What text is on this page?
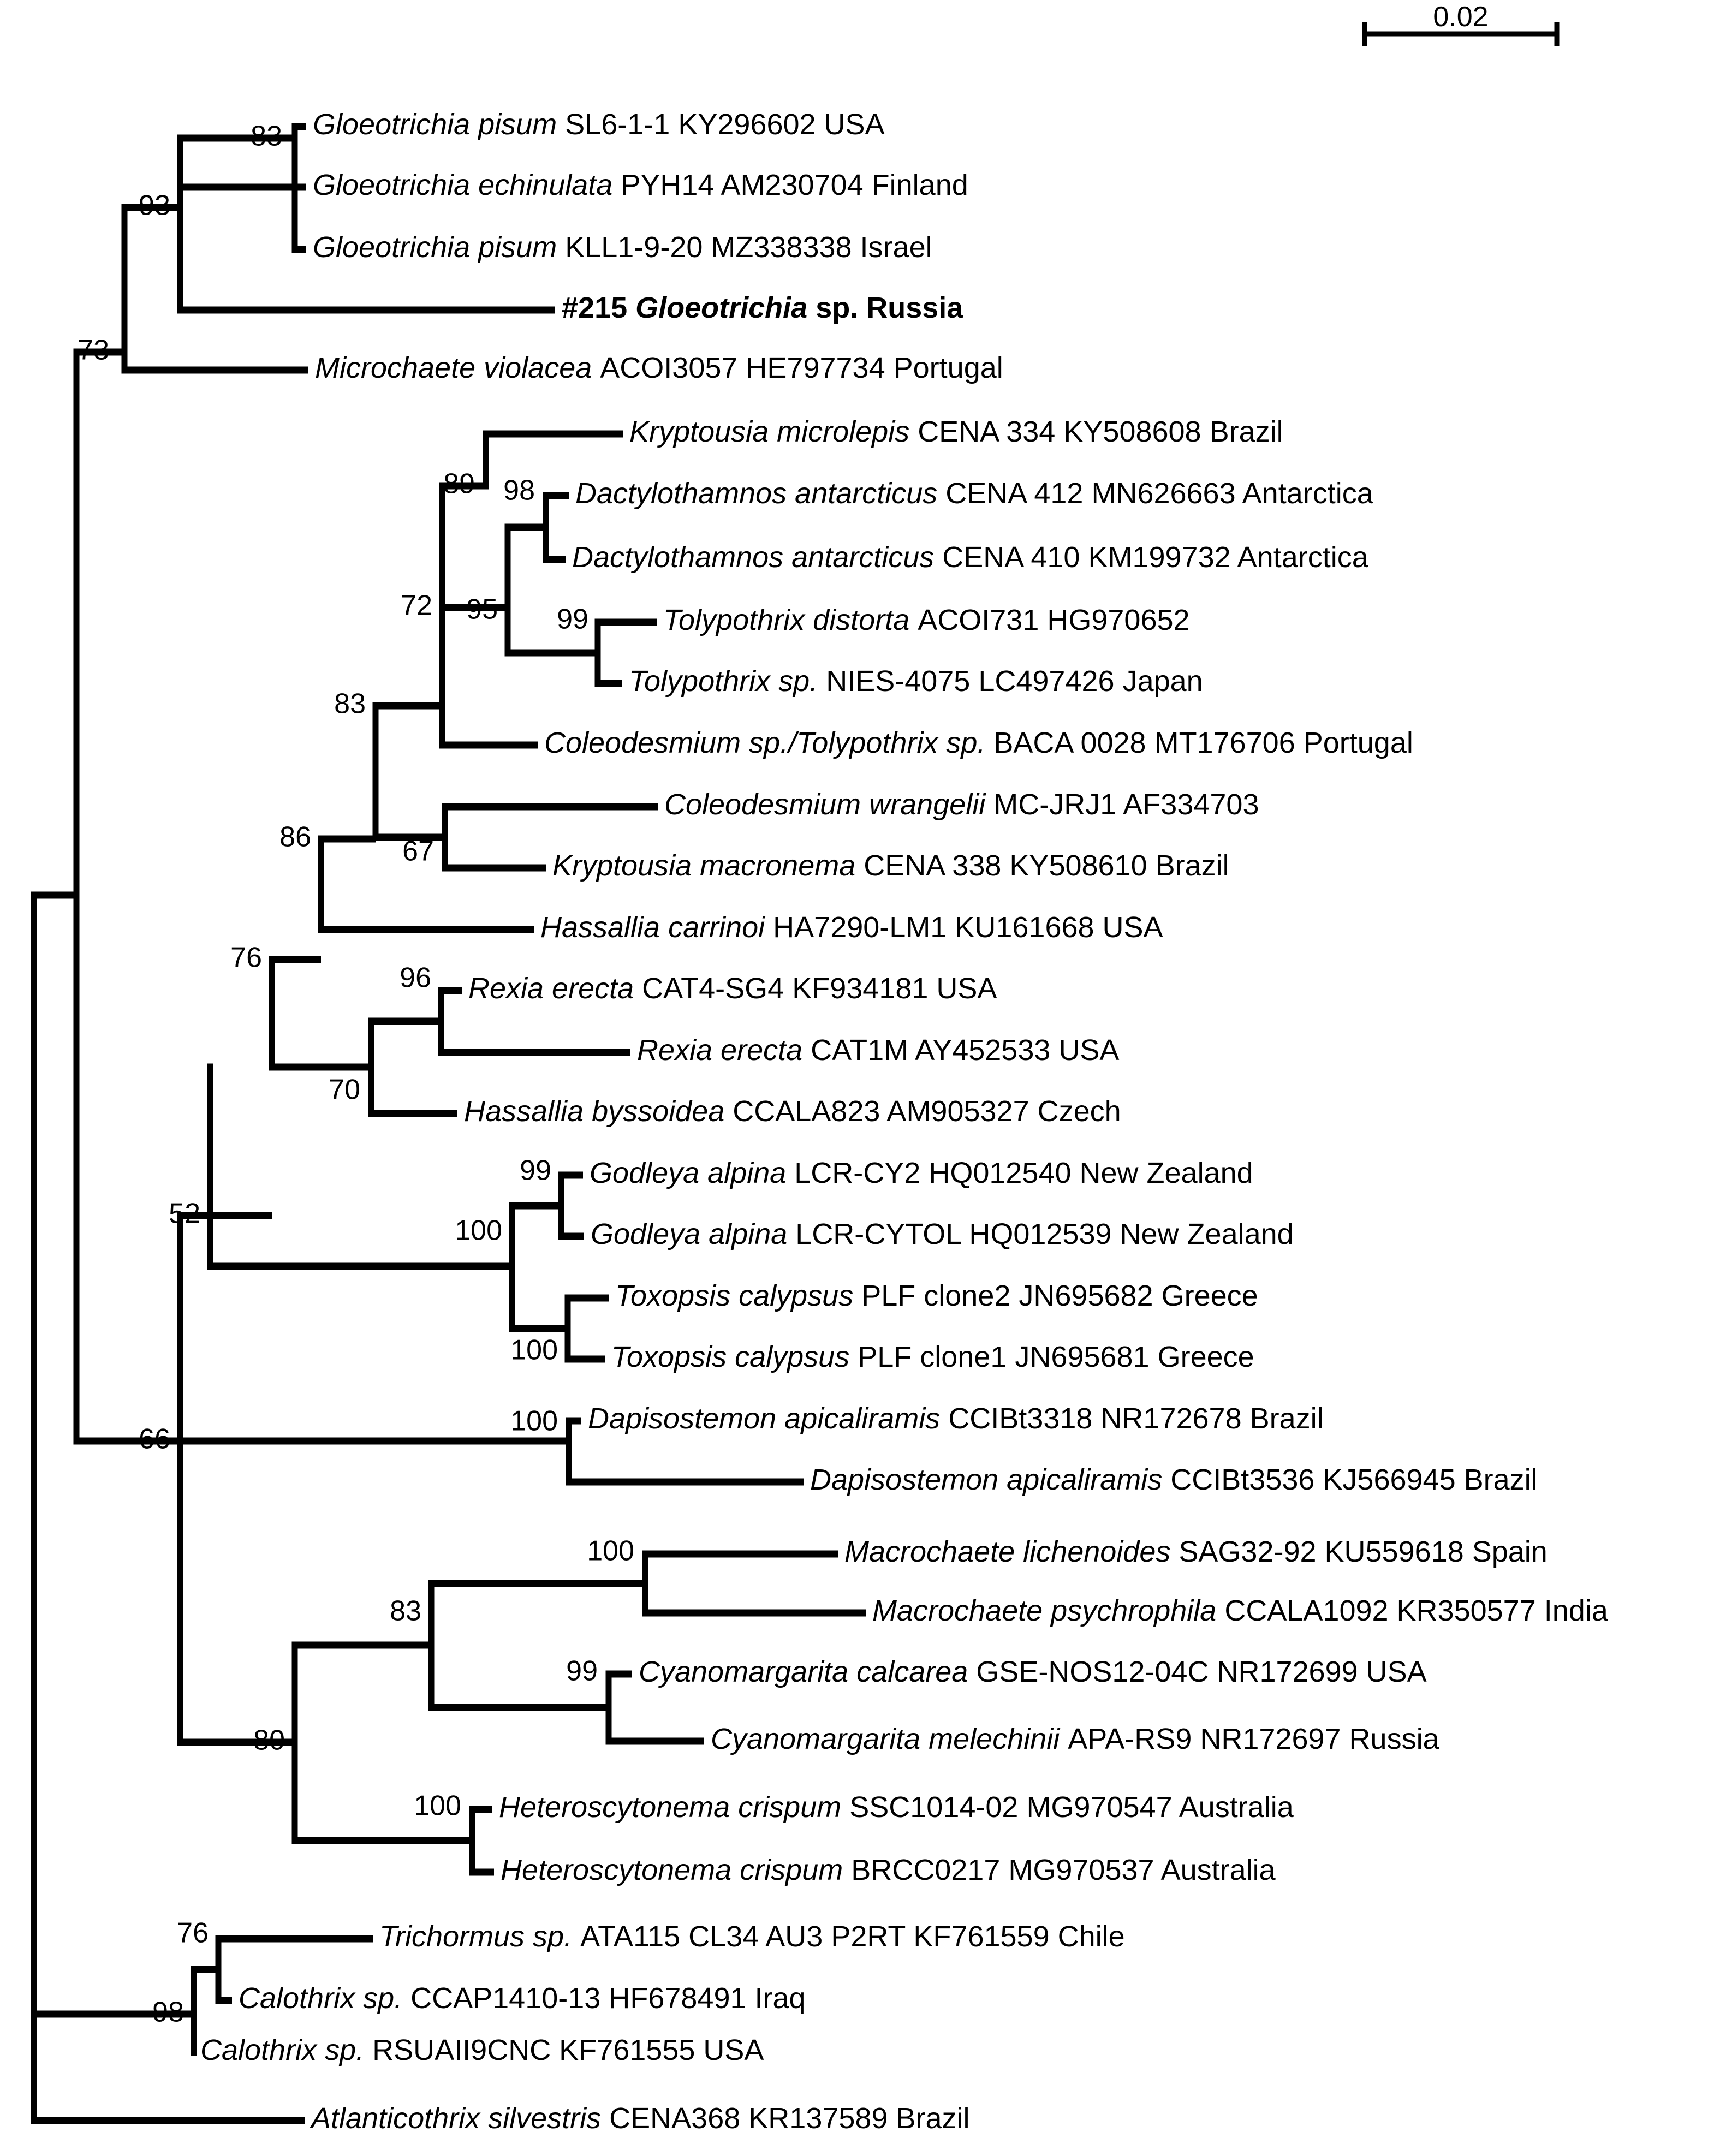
0.02
83
93
73
98
89
99
95
72
83
67
86
96
70
76
99
100
100
52
100
100
83
99
100
80
66
76
98
Gloeotrichia pisum SL6-1-1 KY296602 USA
Gloeotrichia echinulata PYH14 AM230704 Finland
Gloeotrichia pisum KLL1-9-20 MZ338338 Israel
#215 Gloeotrichia sp. Russia
Microchaete violacea ACOI3057 HE797734 Portugal
Kryptousia microlepis CENA 334 KY508608 Brazil
Dactylothamnos antarcticus CENA 412 MN626663 Antarctica
Dactylothamnos antarcticus CENA 410 KM199732 Antarctica
Tolypothrix distorta ACOI731 HG970652
Tolypothrix sp. NIES-4075 LC497426 Japan
Coleodesmium sp./Tolypothrix sp. BACA 0028 MT176706 Portugal
Coleodesmium wrangelii MC-JRJ1 AF334703
Kryptousia macronema CENA 338 KY508610 Brazil
Hassallia carrinoi HA7290-LM1 KU161668 USA
Rexia erecta CAT4-SG4 KF934181 USA
Rexia erecta CAT1M AY452533 USA
Hassallia byssoidea CCALA823 AM905327 Czech
Godleya alpina LCR-CY2 HQ012540 New Zealand
Godleya alpina LCR-CYTOL HQ012539 New Zealand
Toxopsis calypsus PLF clone2 JN695682 Greece
Toxopsis calypsus PLF clone1 JN695681 Greece
Dapisostemon apicaliramis CCIBt3318 NR172678 Brazil
Dapisostemon apicaliramis CCIBt3536 KJ566945 Brazil
Macrochaete lichenoides SAG32-92 KU559618 Spain
Macrochaete psychrophila CCALA1092 KR350577 India
Cyanomargarita calcarea GSE-NOS12-04C NR172699 USA
Cyanomargarita melechinii APA-RS9 NR172697 Russia
Heteroscytonema crispum SSC1014-02 MG970547 Australia
Heteroscytonema crispum BRCC0217 MG970537 Australia
Trichormus sp. ATA115 CL34 AU3 P2RT KF761559 Chile
Calothrix sp. CCAP1410-13 HF678491 Iraq
Calothrix sp. RSUAII9CNC KF761555 USA
Atlanticothrix silvestris CENA368 KR137589 Brazil
